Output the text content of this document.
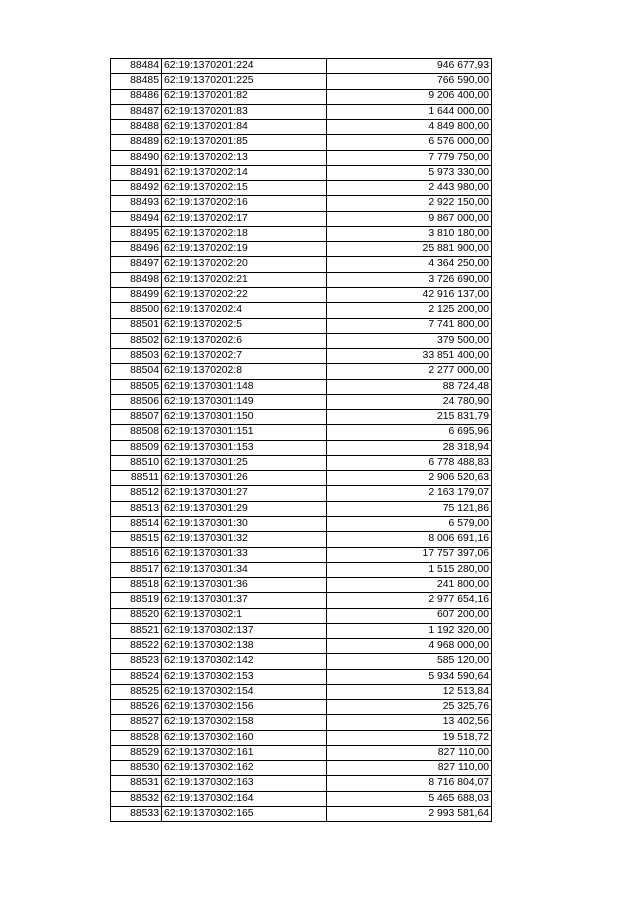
88484	62:19:1370201:224	946 677,93
88485	62:19:1370201:225	766 590,00
88486	62:19:1370201:82	9 206 400,00
88487	62:19:1370201:83	1 644 000,00
88488	62:19:1370201:84	4 849 800,00
88489	62:19:1370201:85	6 576 000,00
88490	62:19:1370202:13	7 779 750,00
88491	62:19:1370202:14	5 973 330,00
88492	62:19:1370202:15	2 443 980,00
88493	62:19:1370202:16	2 922 150,00
88494	62:19:1370202:17	9 867 000,00
88495	62:19:1370202:18	3 810 180,00
88496	62:19:1370202:19	25 881 900,00
88497	62:19:1370202:20	4 364 250,00
88498	62:19:1370202:21	3 726 690,00
88499	62:19:1370202:22	42 916 137,00
88500	62:19:1370202:4	2 125 200,00
88501	62:19:1370202:5	7 741 800,00
88502	62:19:1370202:6	379 500,00
88503	62:19:1370202:7	33 851 400,00
88504	62:19:1370202:8	2 277 000,00
88505	62:19:1370301:148	88 724,48
88506	62:19:1370301:149	24 780,90
88507	62:19:1370301:150	215 831,79
88508	62:19:1370301:151	6 695,96
88509	62:19:1370301:153	28 318,94
88510	62:19:1370301:25	6 778 488,83
88511	62:19:1370301:26	2 906 520,63
88512	62:19:1370301:27	2 163 179,07
88513	62:19:1370301:29	75 121,86
88514	62:19:1370301:30	6 579,00
88515	62:19:1370301:32	8 006 691,16
88516	62:19:1370301:33	17 757 397,06
88517	62:19:1370301:34	1 515 280,00
88518	62:19:1370301:36	241 800,00
88519	62:19:1370301:37	2 977 654,16
88520	62:19:1370302:1	607 200,00
88521	62:19:1370302:137	1 192 320,00
88522	62:19:1370302:138	4 968 000,00
88523	62:19:1370302:142	585 120,00
88524	62:19:1370302:153	5 934 590,64
88525	62:19:1370302:154	12 513,84
88526	62:19:1370302:156	25 325,76
88527	62:19:1370302:158	13 402,56
88528	62:19:1370302:160	19 518,72
88529	62:19:1370302:161	827 110,00
88530	62:19:1370302:162	827 110,00
88531	62:19:1370302:163	8 716 804,07
88532	62:19:1370302:164	5 465 688,03
88533	62:19:1370302:165	2 993 581,64
